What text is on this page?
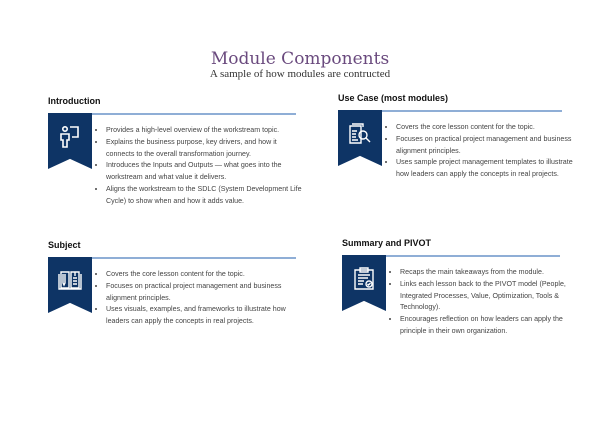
Module Components
A sample of how modules are contructed
Introduction
• Provides a high-level overview of the workstream topic.
• Explains the business purpose, key drivers, and how it connects to the overall transformation journey.
• Introduces the Inputs and Outputs — what goes into the workstream and what value it delivers.
• Aligns the workstream to the SDLC (System Development Life Cycle) to show when and how it adds value.
Use Case (most modules)
• Covers the core lesson content for the topic.
• Focuses on practical project management and business alignment principles.
• Uses sample project management templates to illustrate how leaders can apply the concepts in real projects.
Subject
• Covers the core lesson content for the topic.
• Focuses on practical project management and business alignment principles.
• Uses visuals, examples, and frameworks to illustrate how leaders can apply the concepts in real projects.
Summary and PIVOT
• Recaps the main takeaways from the module.
• Links each lesson back to the PIVOT model (People, Integrated Processes, Value, Optimization, Tools & Technology).
• Encourages reflection on how leaders can apply the principle in their own organization.
